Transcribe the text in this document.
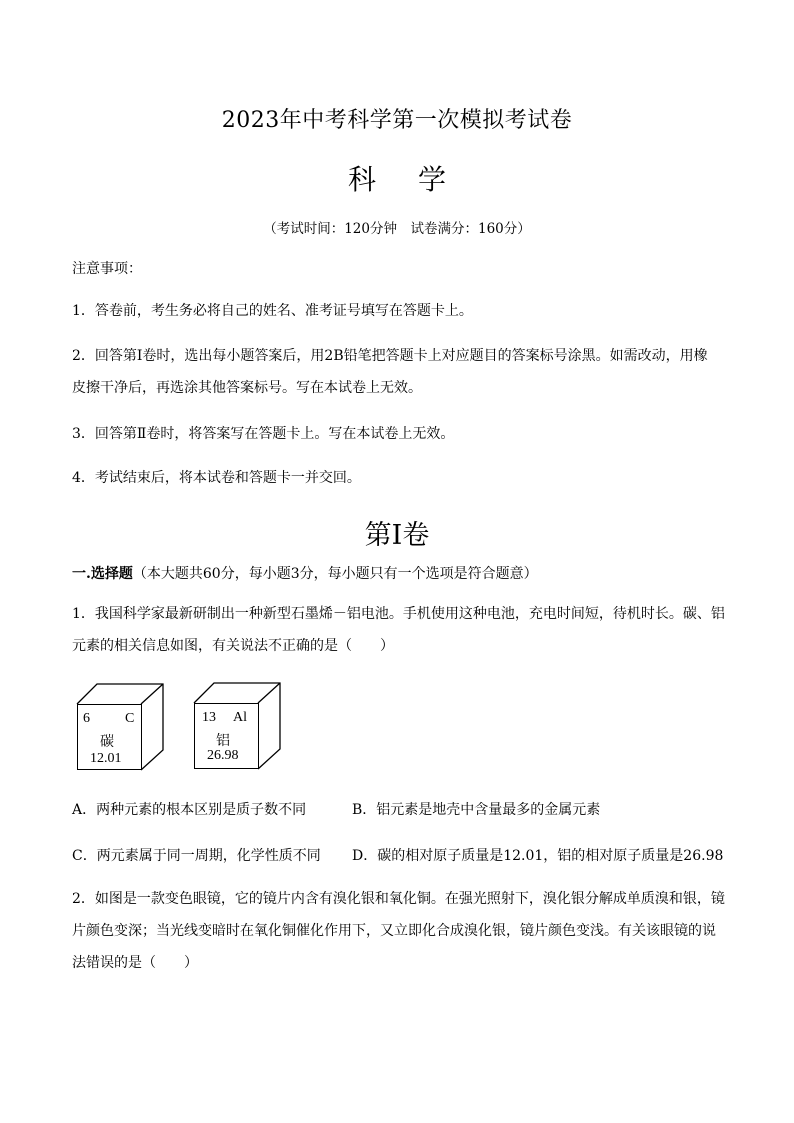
2023年中考科学第一次模拟考试卷
科学
（考试时间：120分钟　试卷满分：160分）
注意事项：
1．答卷前，考生务必将自己的姓名、准考证号填写在答题卡上。
2．回答第Ⅰ卷时，选出每小题答案后，用2B铅笔把答题卡上对应题目的答案标号涂黑。如需改动，用橡
皮擦干净后，再选涂其他答案标号。写在本试卷上无效。
3．回答第Ⅱ卷时，将答案写在答题卡上。写在本试卷上无效。
4．考试结束后，将本试卷和答题卡一并交回。
第Ⅰ卷
一.选择题（本大题共60分，每小题3分，每小题只有一个选项是符合题意）
1．我国科学家最新研制出一种新型石墨烯－铝电池。手机使用这种电池，充电时间短，待机时长。碳、铝
元素的相关信息如图，有关说法不正确的是（　　）
6	C
碳
12.01
13 Al
铝
26.98
A．两种元素的根本区别是质子数不同	B．铝元素是地壳中含量最多的金属元素
C．两元素属于同一周期，化学性质不同 D．碳的相对原子质量是12.01，铝的相对原子质量是26.98
2．如图是一款变色眼镜，它的镜片内含有溴化银和氧化铜。在强光照射下，溴化银分解成单质溴和银，镜
片颜色变深；当光线变暗时在氧化铜催化作用下，又立即化合成溴化银，镜片颜色变浅。有关该眼镜的说
法错误的是（　　）
